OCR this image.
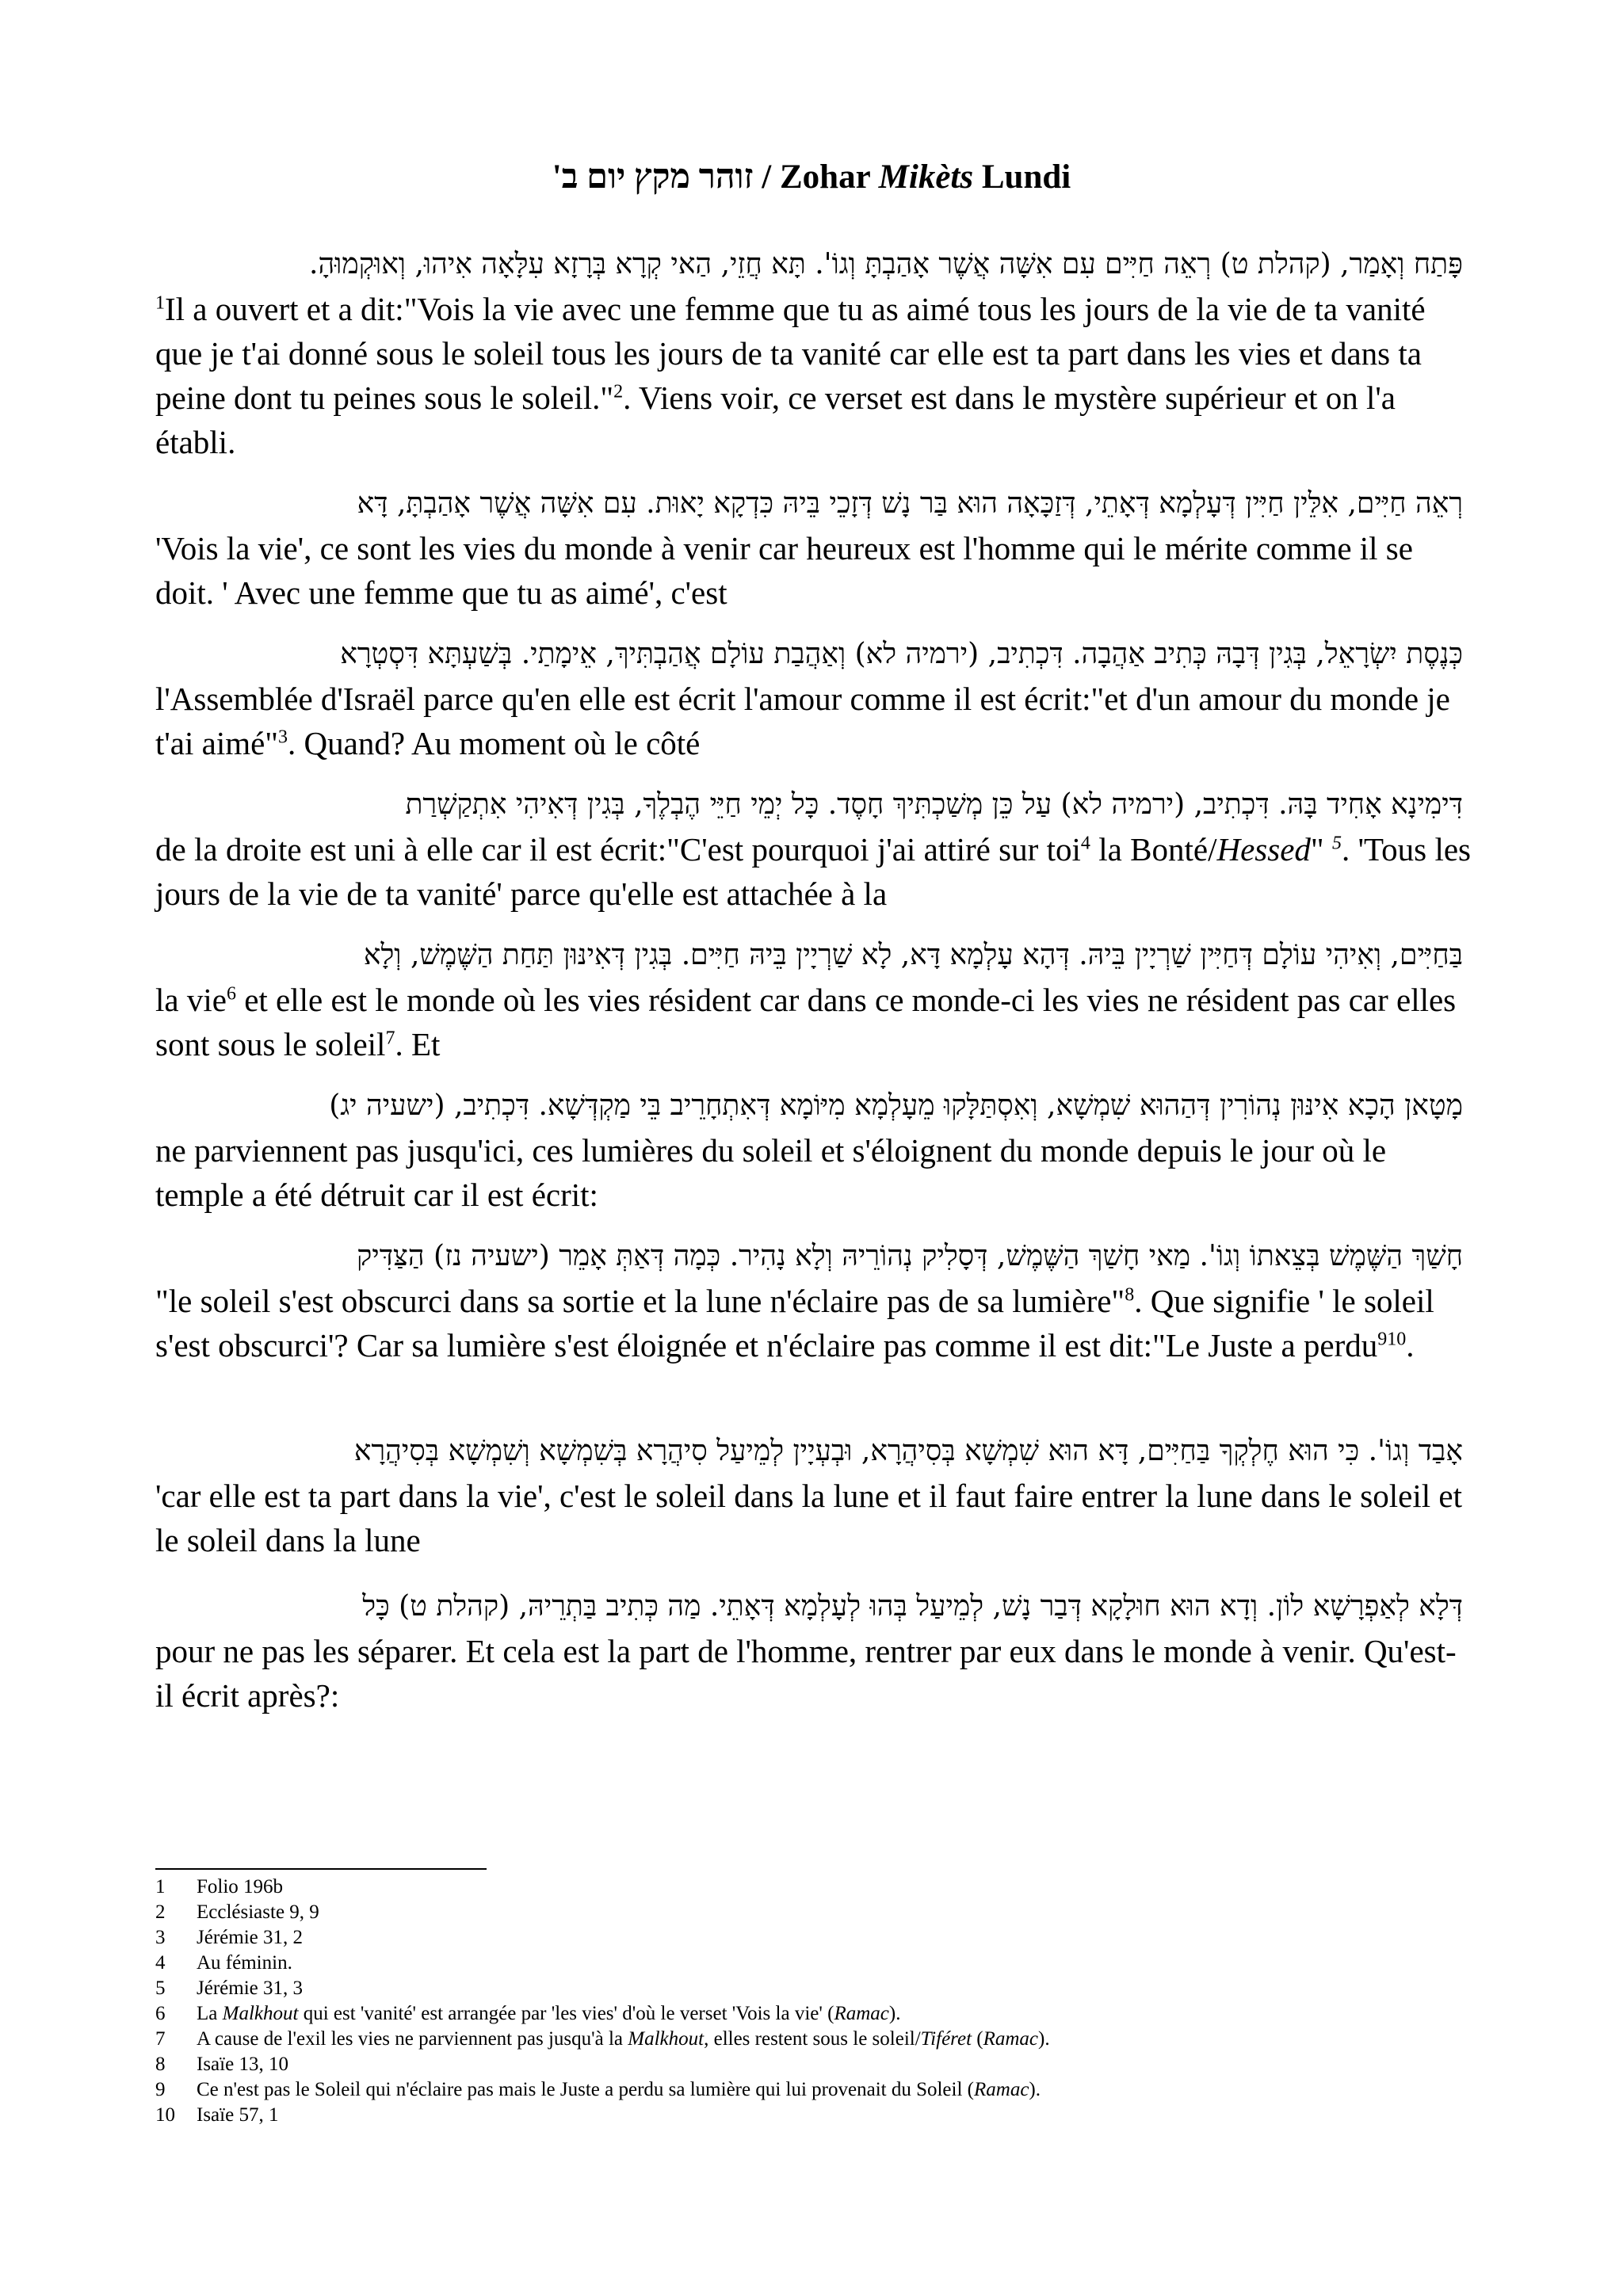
זוהר מקץ יום ב' / Zohar Mikèts Lundi
פָּתַח וְאָמַר, (קהלת ט) רְאֵה חַיִּים עִם אִשָּׁה אֲשֶׁר אָהַבְתָּ וְגוֹ'. תָּא חֲזֵי, הַאי קְרָא בְּרָזָא עִלָּאָה אִיהוּ, וְאוּקְמוּהָ.

$^1$Il a ouvert et a dit:"Vois la vie avec une femme que tu as aimé tous les jours de la vie de ta vanité que je t'ai donné sous le soleil tous les jours de ta vanité car elle est ta part dans les vies et dans ta peine dont tu peines sous le soleil."$^2$. Viens voir, ce verset est dans le mystère supérieur et on l'a établi.

רְאֵה חַיִּים, אִלֵּין חַיִּין דְּעָלְמָא דְּאָתֵי, דְּזַכָּאָה הוּא בַּר נָשׁ דְּזָכֵי בֵּיהּ כִּדְקָא יָאוּת. עִם אִשָּׁה אֲשֶׁר אָהַבְתָּ, דָּא

'Vois la vie', ce sont les vies du monde à venir car heureux est l'homme qui le mérite comme il se doit. ' Avec une femme que tu as aimé', c'est

כְּנֶסֶת יִשְׂרָאֵל, בְּגִין דְּבָהּ כְּתִיב אַהֲבָה. דִּכְתִיב, (ירמיה לא) וְאַהֲבַת עוֹלָם אֲהַבְתִּיךְ, אֵימָתַי. בְּשַׁעְתָּא דִּסְטְרָא

l'Assemblée d'Israël parce qu'en elle est écrit l'amour comme il est écrit:"et d'un amour du monde je t'ai aimé"$^3$. Quand? Au moment où le côté

דִּימִינָא אָחִיד בָּהּ. דִּכְתִיב, (ירמיה לא) עַל כֵּן מְשַׁכְתִּיךְ חָסֶד. כָּל יְמֵי חַיֵּי הֶבְלֶךָ, בְּגִין דְּאִיהִי אִתְקַשְׁרַת

de la droite est uni à elle car il est écrit:"C'est pourquoi j'ai attiré sur toi$^4$ la Bonté/Hessed" $^5$. 'Tous les jours de la vie de ta vanité' parce qu'elle est attachée à la

בַּחַיִּים, וְאִיהִי עוֹלָם דְּחַיִּין שַׁרְיָין בֵּיהּ. דְּהָא עָלְמָא דָּא, לָא שַׁרְיָין בֵּיהּ חַיִּים. בְּגִין דְּאִינּוּן תַּחַת הַשֶּׁמֶשׁ, וְלָא

la vie$^6$ et elle est le monde où les vies résident car dans ce monde-ci les vies ne résident pas car elles sont sous le soleil$^7$. Et

מָטָאן הָכָא אִינּוּן נְהוֹרִין דְּהַהוּא שִׁמְשָׁא, וְאִסְתַּלָּקוּ מֵעָלְמָא מִיּוֹמָא דְּאִתְחָרֵיב בֵּי מַקְדְּשָׁא. דִּכְתִיב, (ישעיה יג)

ne parviennent pas jusqu'ici, ces lumières du soleil et s'éloignent du monde depuis le jour où le temple a été détruit car il est écrit:

חָשַׁךְ הַשֶּׁמֶשׁ בְּצֵאתוֹ וְגוֹ'. מַאי חָשַׁךְ הַשֶּׁמֶשׁ, דְּסָלִיק נְהוֹרֵיהּ וְלָא נָהִיר. כְּמָה דְּאַתְּ אָמֵר (ישעיה נז) הַצַּדִּיק

"le soleil s'est obscurci dans sa sortie et la lune n'éclaire pas de sa lumière"$^8$. Que signifie ' le soleil s'est obscurci'? Car sa lumière s'est éloignée et n'éclaire pas comme il est dit:"Le Juste a perdu$^{910}$.

אָבַד וְגוֹ'. כִּי הוּא חֶלְקְךָ בַּחַיִּים, דָּא הוּא שִׁמְשָׁא בְּסִיהֲרָא, וּבְעְיָין לְמֵיעַל סִיהֲרָא בְּשִׁמְשָׁא וְשִׁמְשָׁא בְּסִיהֲרָא

'car elle est ta part dans la vie', c'est le soleil dans la lune et il faut faire entrer la lune dans le soleil et le soleil dans la lune

דְּלָא לְאַפְרָשָׁא לוֹן. וְדָא הוּא חוּלָקָא דְּבַר נָשׁ, לְמֵיעַל בְּהוּ לְעָלְמָא דְּאָתֵי. מַה כְּתִיב בַּתְרֵיהּ, (קהלת ט) כָּל

pour ne pas les séparer. Et cela est la part de l'homme, rentrer par eux dans le monde à venir. Qu'est-il écrit après?:

1	Folio 196b
2	Ecclésiaste 9, 9
3	Jérémie 31, 2
4	Au féminin.
5	Jérémie 31, 3
6	La Malkhout qui est 'vanité' est arrangée par 'les vies' d'où le verset 'Vois la vie' (Ramac).
7	A cause de l'exil les vies ne parviennent pas jusqu'à la Malkhout, elles restent sous le soleil/Tiféret (Ramac).
8	Isaïe 13, 10
9	Ce n'est pas le Soleil qui n'éclaire pas mais le Juste a perdu sa lumière qui lui provenait du Soleil (Ramac).
10	Isaïe 57, 1
